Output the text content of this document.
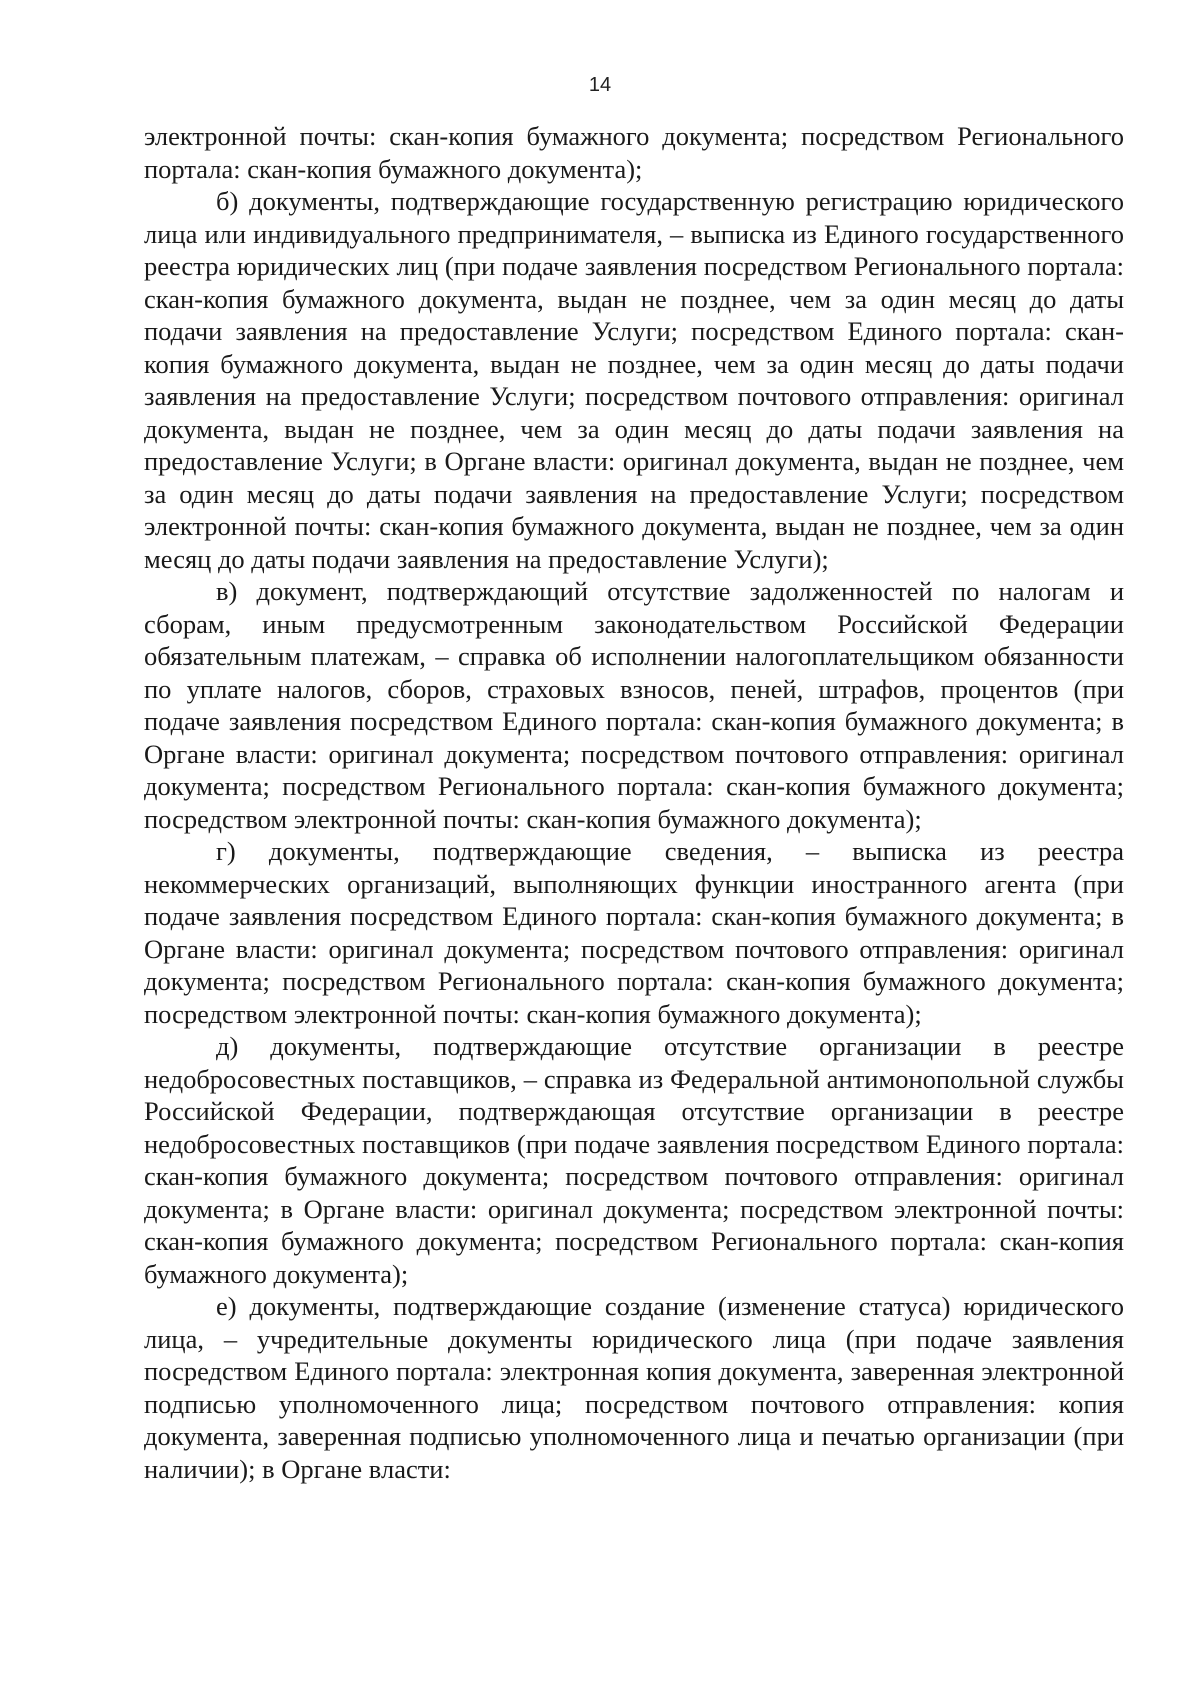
14

электронной почты: скан-копия бумажного документа; посредством Регионального портала: скан-копия бумажного документа);

б) документы, подтверждающие государственную регистрацию юридического лица или индивидуального предпринимателя, – выписка из Единого государственного реестра юридических лиц (при подаче заявления посредством Регионального портала: скан-копия бумажного документа, выдан не позднее, чем за один месяц до даты подачи заявления на предоставление Услуги; посредством Единого портала: скан-копия бумажного документа, выдан не позднее, чем за один месяц до даты подачи заявления на предоставление Услуги; посредством почтового отправления: оригинал документа, выдан не позднее, чем за один месяц до даты подачи заявления на предоставление Услуги; в Органе власти: оригинал документа, выдан не позднее, чем за один месяц до даты подачи заявления на предоставление Услуги; посредством электронной почты: скан-копия бумажного документа, выдан не позднее, чем за один месяц до даты подачи заявления на предоставление Услуги);

в) документ, подтверждающий отсутствие задолженностей по налогам и сборам, иным предусмотренным законодательством Российской Федерации обязательным платежам, – справка об исполнении налогоплательщиком обязанности по уплате налогов, сборов, страховых взносов, пеней, штрафов, процентов (при подаче заявления посредством Единого портала: скан-копия бумажного документа; в Органе власти: оригинал документа; посредством почтового отправления: оригинал документа; посредством Регионального портала: скан-копия бумажного документа; посредством электронной почты: скан-копия бумажного документа);

г) документы, подтверждающие сведения, – выписка из реестра некоммерческих организаций, выполняющих функции иностранного агента (при подаче заявления посредством Единого портала: скан-копия бумажного документа; в Органе власти: оригинал документа; посредством почтового отправления: оригинал документа; посредством Регионального портала: скан-копия бумажного документа; посредством электронной почты: скан-копия бумажного документа);

д) документы, подтверждающие отсутствие организации в реестре недобросовестных поставщиков, – справка из Федеральной антимонопольной службы Российской Федерации, подтверждающая отсутствие организации в реестре недобросовестных поставщиков (при подаче заявления посредством Единого портала: скан-копия бумажного документа; посредством почтового отправления: оригинал документа; в Органе власти: оригинал документа; посредством электронной почты: скан-копия бумажного документа; посредством Регионального портала: скан-копия бумажного документа);

е) документы, подтверждающие создание (изменение статуса) юридического лица, – учредительные документы юридического лица (при подаче заявления посредством Единого портала: электронная копия документа, заверенная электронной подписью уполномоченного лица; посредством почтового отправления: копия документа, заверенная подписью уполномоченного лица и печатью организации (при наличии); в Органе власти:
